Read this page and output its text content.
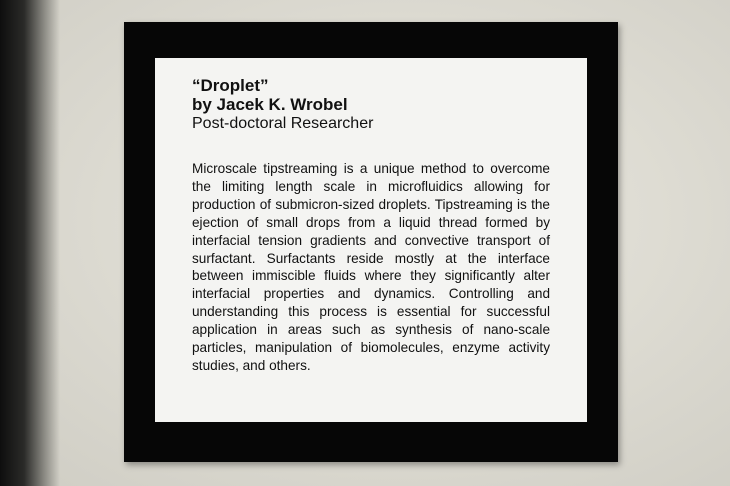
“Droplet”

by Jacek K. Wrobel

Post-doctoral Researcher

Microscale tipstreaming is a unique method to overcome the limiting length scale in microfluidics allowing for production of submicron-sized droplets. Tipstreaming is the ejection of small drops from a liquid thread formed by interfacial tension gradients and convective transport of surfactant. Surfactants reside mostly at the interface between immiscible fluids where they significantly alter interfacial properties and dynamics. Controlling and understanding this process is essential for successful application in areas such as synthesis of nano-scale particles, manipulation of biomolecules, enzyme activity studies, and others.
